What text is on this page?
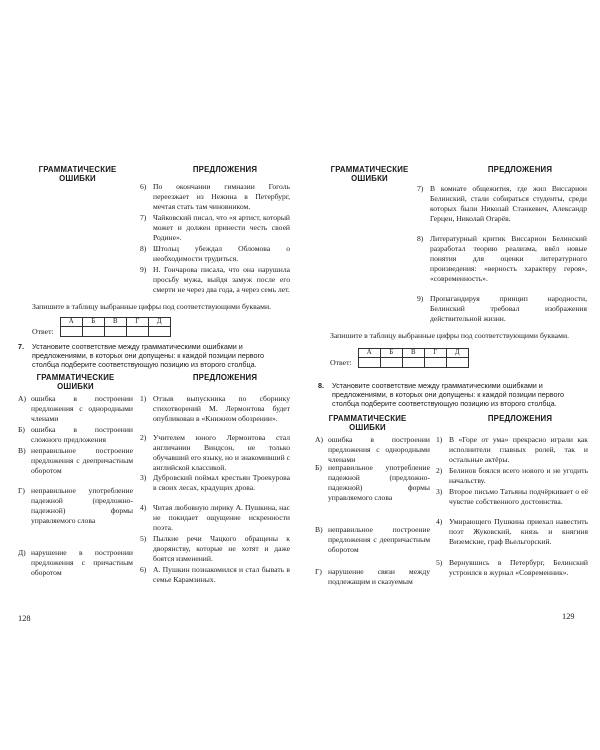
ГРАММАТИЧЕСКИЕ
ОШИБКИ
ПРЕДЛОЖЕНИЯ
6) По окончании гимназии Гоголь переезжает из Нежина в Петербург, мечтая стать там чиновником.
7) Чайковский писал, что «я артист, который может и должен принести честь своей Родине».
8) Штольц убеждал Обломова о необходимости трудиться.
9) Н. Гончарова писала, что она нарушила просьбу мужа, выйдя замуж после его смерти не через два года, а через семь лет.
Запишите в таблицу выбранные цифры под соответствующими буквами.
Ответ:
А	Б	В	Г	Д

7.	Установите соответствие между грамматическими ошибками и предложениями, в которых они допущены: к каждой позиции первого столбца подберите соответствующую позицию из второго столбца.
ГРАММАТИЧЕСКИЕ
ОШИБКИ
ПРЕДЛОЖЕНИЯ
А) ошибка в построении предложения с однородными членами
Б) ошибка в построении сложного предложения
В) неправильное построение предложения с деепричастным оборотом
Г) неправильное употребление падежной (предложно-падежной) формы управляемого слова
Д) нарушение в построении предложения с причастным оборотом
1) Отзыв выпускника по сборнику стихотворений М. Лермонтова будет опубликован в «Книжном обозрении».
2) Учителем юного Лермонтова стал англичанин Виндсон, не только обучавший его языку, но и знакомивший с английской классикой.
3) Дубровский поймал крестьян Троекурова в своих лесах, крадущих дрова.
4) Читая любовную лирику А. Пушкина, нас не покидает ощущение искренности поэта.
5) Пылкие речи Чацкого обращены к дворянству, которые не хотят и даже боятся изменений.
6) А. Пушкин познакомился и стал бывать в семье Карамзиных.
128
ГРАММАТИЧЕСКИЕ
ОШИБКИ
ПРЕДЛОЖЕНИЯ
7) В комнате общежития, где жил Виссарион Белинский, стали собираться студенты, среди которых были Николай Станкевич, Александр Герцен, Николай Огарёв.
8) Литературный критик Виссарион Белинский разработал теорию реализма, ввёл новые понятия для оценки литературного произведения: «верность характеру героя», «современность».
9) Пропагандируя принцип народности, Белинский требовал изображения действительной жизни.
Запишите в таблицу выбранные цифры под соответствующими буквами.
Ответ:
А	Б	В	Г	Д

8.	Установите соответствие между грамматическими ошибками и предложениями, в которых они допущены: к каждой позиции первого столбца подберите соответствующую позицию из второго столбца.
ГРАММАТИЧЕСКИЕ
ОШИБКИ
ПРЕДЛОЖЕНИЯ
А) ошибка в построении предложения с однородными членами
Б) неправильное употребление падежной (предложно-падежной) формы управляемого слова
В) неправильное построение предложения с деепричастным оборотом
Г) нарушение связи между подлежащим и сказуемым
1) В «Горе от ума» прекрасно играли как исполнители главных ролей, так и остальные актёры.
2) Белинов боялся всего нового и не угодить начальству.
3) Второе письмо Татьяны подчёркивает о её чувстве собственного достоинства.
4) Умирающего Пушкина приехал навестить поэт Жуковский, князь и княгиня Виземские, граф Вьельгорский.
5) Вернувшись в Петербург, Белинский устроился в журнал «Современник».
129
